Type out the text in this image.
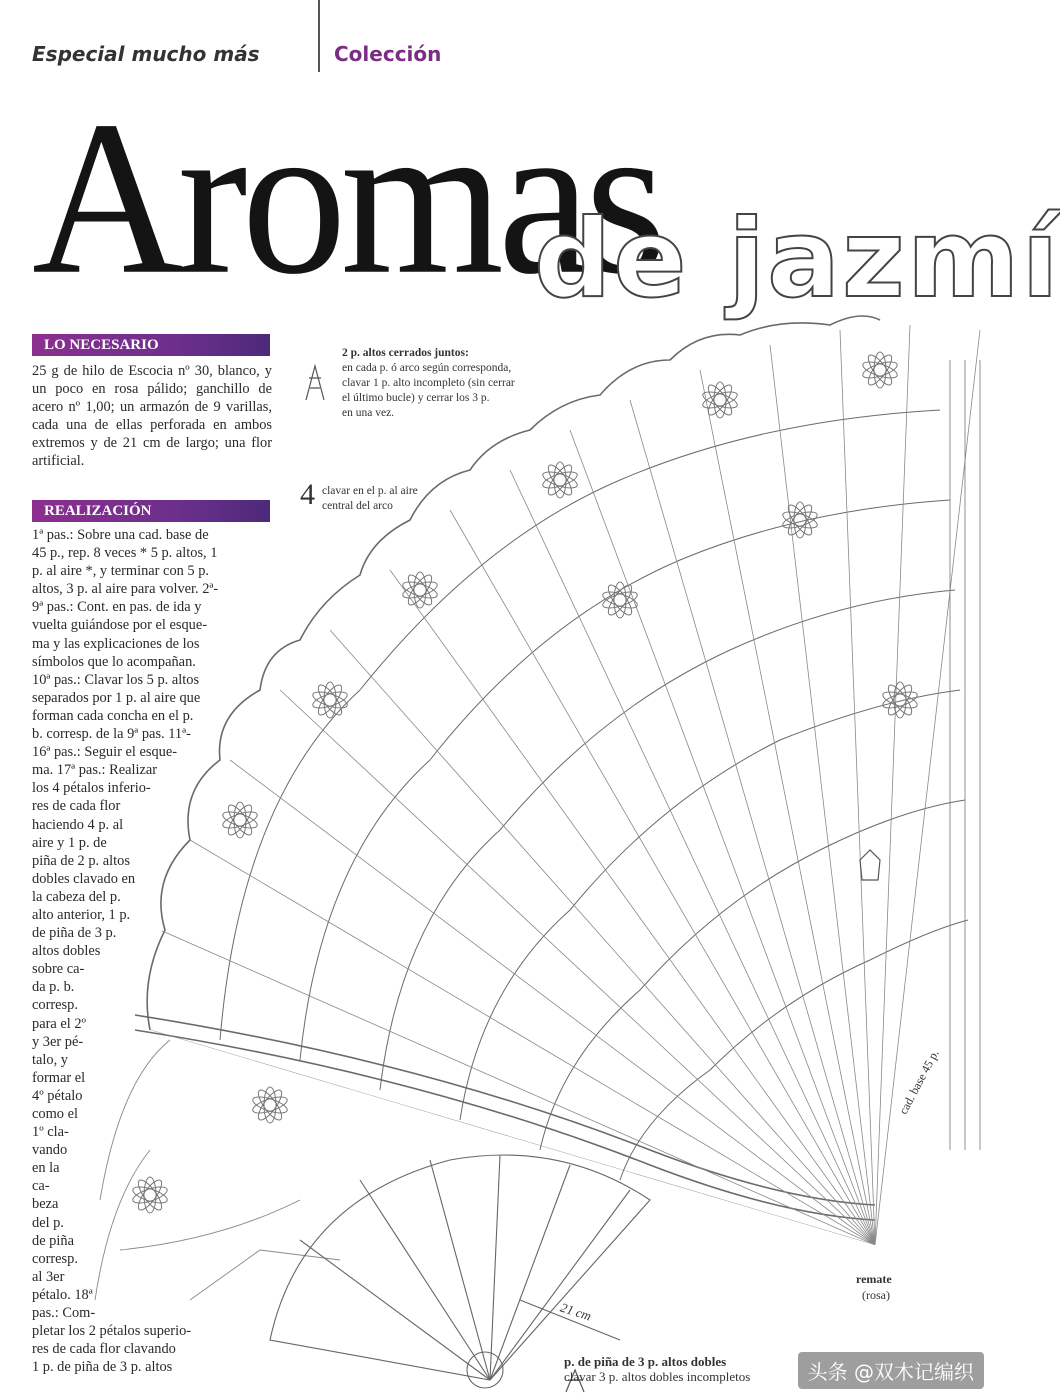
Especial mucho más	Colección
Aromas
de jazmí
2 p. altos cerrados juntos:
en cada p. ó arco según corresponda,
clavar 1 p. alto incompleto (sin cerrar
el último bucle) y cerrar los 3 p.
en una vez.
4 clavar en el p. al aire
central del arco
LO NECESARIO
25 g de hilo de Escocia nº 30, blanco, y un poco en rosa pálido; ganchillo de acero nº 1,00; un armazón de 9 varillas, cada una de ellas perforada en ambos extremos y de 21 cm de largo; una flor artificial.
REALIZACIÓN
1ª pas.: Sobre una cad. base de
45 p., rep. 8 veces * 5 p. altos, 1
p. al aire *, y terminar con 5 p.
altos, 3 p. al aire para volver. 2ª-
9ª pas.: Cont. en pas. de ida y
vuelta guiándose por el esque-
ma y las explicaciones de los
símbolos que lo acompañan.
10ª pas.: Clavar los 5 p. altos
separados por 1 p. al aire que
forman cada concha en el p.
b. corresp. de la 9ª pas. 11ª-
16ª pas.: Seguir el esque-
ma. 17ª pas.: Realizar
los 4 pétalos inferio-
res de cada flor
haciendo 4 p. al
aire y 1 p. de
piña de 2 p. altos
dobles clavado en
la cabeza del p.
alto anterior, 1 p.
de piña de 3 p.
altos dobles
sobre ca-
da p. b.
corresp.
para el 2º
y 3er pé-
talo, y
formar el
4º pétalo
como el
1º cla-
vando
en la
ca-
beza
del p.
de piña
corresp.
al 3er
pétalo. 18ª
pas.: Com-
pletar los 2 pétalos superio-
res de cada flor clavando
1 p. de piña de 3 p. altos
cad. base 45 p.
remate
(rosa)
21 cm
p. de piña de 3 p. altos dobles
clavar 3 p. altos dobles incompletos	头条 @双木记编织
